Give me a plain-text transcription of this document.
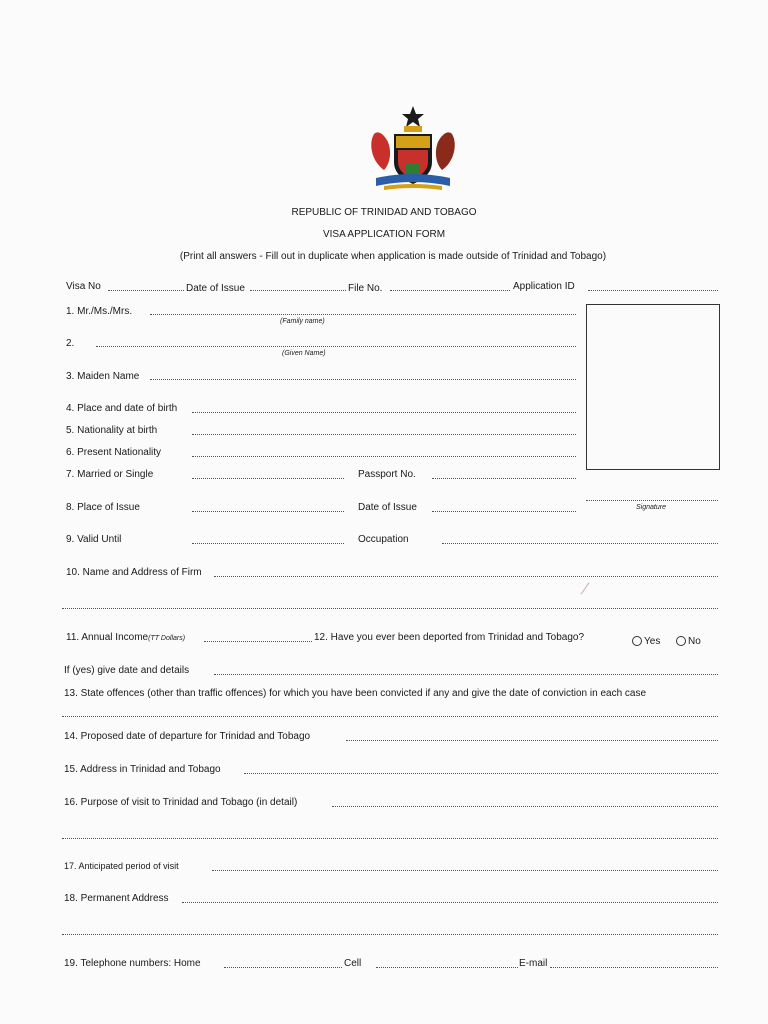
REPUBLIC OF TRINIDAD AND TOBAGO
VISA APPLICATION FORM
(Print all answers - Fill out in duplicate when application is made outside of Trinidad and Tobago)
Visa No	Date of Issue	File No.	Application ID
1. Mr./Ms./Mrs.
(Family name)
2.
(Given Name)
3. Maiden Name
4. Place and date of birth
5. Nationality at birth
6. Present Nationality
7. Married or Single	Passport No.
8. Place of Issue	Date of Issue	Signature
9. Valid Until	Occupation
10. Name and Address of Firm
11. Annual Income(TT Dollars)	12. Have you ever been deported from Trinidad and Tobago?	Yes	No
If (yes) give date and details
13. State offences (other than traffic offences) for which you have been convicted if any and give the date of conviction in each case
14. Proposed date of departure for Trinidad and Tobago
15. Address in Trinidad and Tobago
16. Purpose of visit to Trinidad and Tobago (in detail)
17. Anticipated period of visit
18. Permanent Address
19. Telephone numbers: Home	Cell	E-mail
